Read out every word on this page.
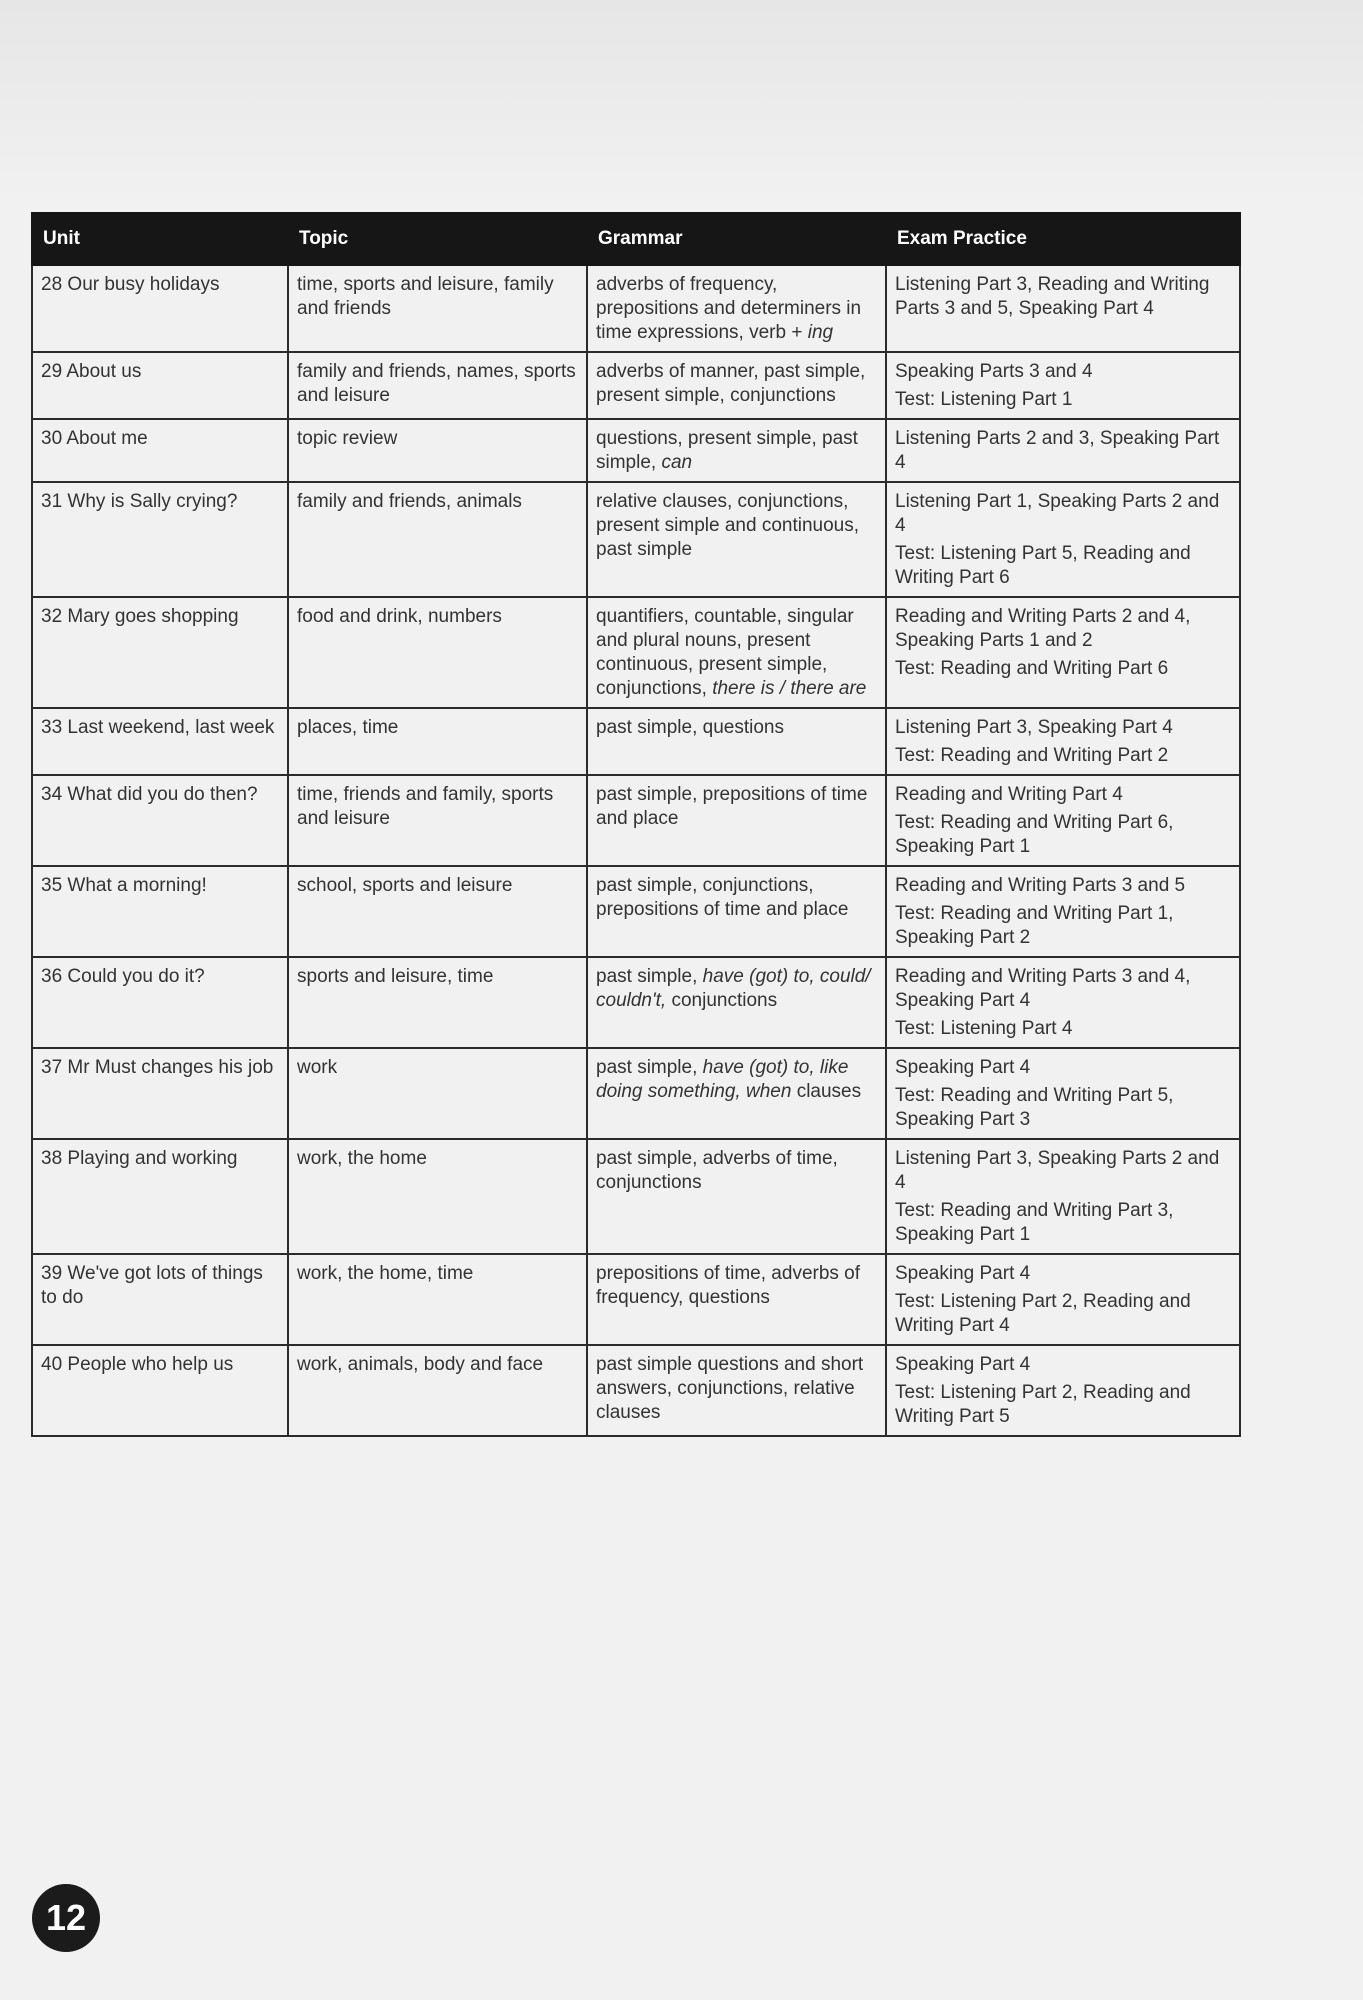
Unit	Topic	Grammar	Exam Practice
28 Our busy holidays	time, sports and leisure, family and friends	adverbs of frequency, prepositions and determiners in time expressions, verb + ing	Listening Part 3, Reading and Writing Parts 3 and 5, Speaking Part 4

29 About us	family and friends, names, sports and leisure	adverbs of manner, past simple, present simple, conjunctions	Speaking Parts 3 and 4
Test: Listening Part 1

30 About me	topic review	questions, present simple, past simple, can	Listening Parts 2 and 3, Speaking Part 4

31 Why is Sally crying?	family and friends, animals	relative clauses, conjunctions, present simple and continuous, past simple	Listening Part 1, Speaking Parts 2 and 4
Test: Listening Part 5, Reading and Writing Part 6

32 Mary goes shopping	food and drink, numbers	quantifiers, countable, singular and plural nouns, present continuous, present simple, conjunctions, there is / there are	Reading and Writing Parts 2 and 4, Speaking Parts 1 and 2
Test: Reading and Writing Part 6

33 Last weekend, last week	places, time	past simple, questions	Listening Part 3, Speaking Part 4
Test: Reading and Writing Part 2

34 What did you do then?	time, friends and family, sports and leisure	past simple, prepositions of time and place	Reading and Writing Part 4
Test: Reading and Writing Part 6, Speaking Part 1

35 What a morning!	school, sports and leisure	past simple, conjunctions, prepositions of time and place	Reading and Writing Parts 3 and 5
Test: Reading and Writing Part 1, Speaking Part 2

36 Could you do it?	sports and leisure, time	past simple, have (got) to, could/ couldn't, conjunctions	Reading and Writing Parts 3 and 4, Speaking Part 4
Test: Listening Part 4

37 Mr Must changes his job	work	past simple, have (got) to, like doing something, when clauses	Speaking Part 4
Test: Reading and Writing Part 5, Speaking Part 3

38 Playing and working	work, the home	past simple, adverbs of time, conjunctions	Listening Part 3, Speaking Parts 2 and 4
Test: Reading and Writing Part 3, Speaking Part 1

39 We've got lots of things to do	work, the home, time	prepositions of time, adverbs of frequency, questions	Speaking Part 4
Test: Listening Part 2, Reading and Writing Part 4

40 People who help us	work, animals, body and face	past simple questions and short answers, conjunctions, relative clauses	Speaking Part 4
Test: Listening Part 2, Reading and Writing Part 5
12
